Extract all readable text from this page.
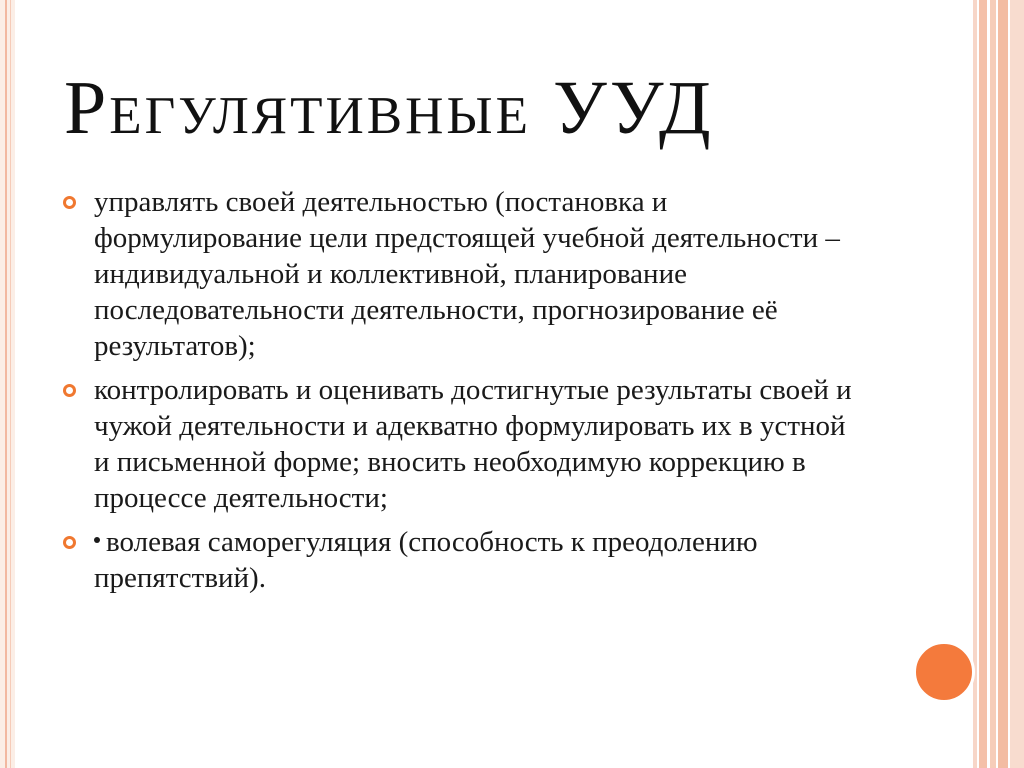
Регулятивные УУД
управлять своей деятельностью (постановка и формулирование цели предстоящей учебной деятельности – индивидуальной и коллективной, планирование последовательности деятельности, прогнозирование её результатов);
контролировать и оценивать достигнутые результаты своей и чужой деятельности и адекватно формулировать их в устной и письменной форме; вносить необходимую коррекцию в процессе деятельности;
волевая саморегуляция (способность к преодолению препятствий).
